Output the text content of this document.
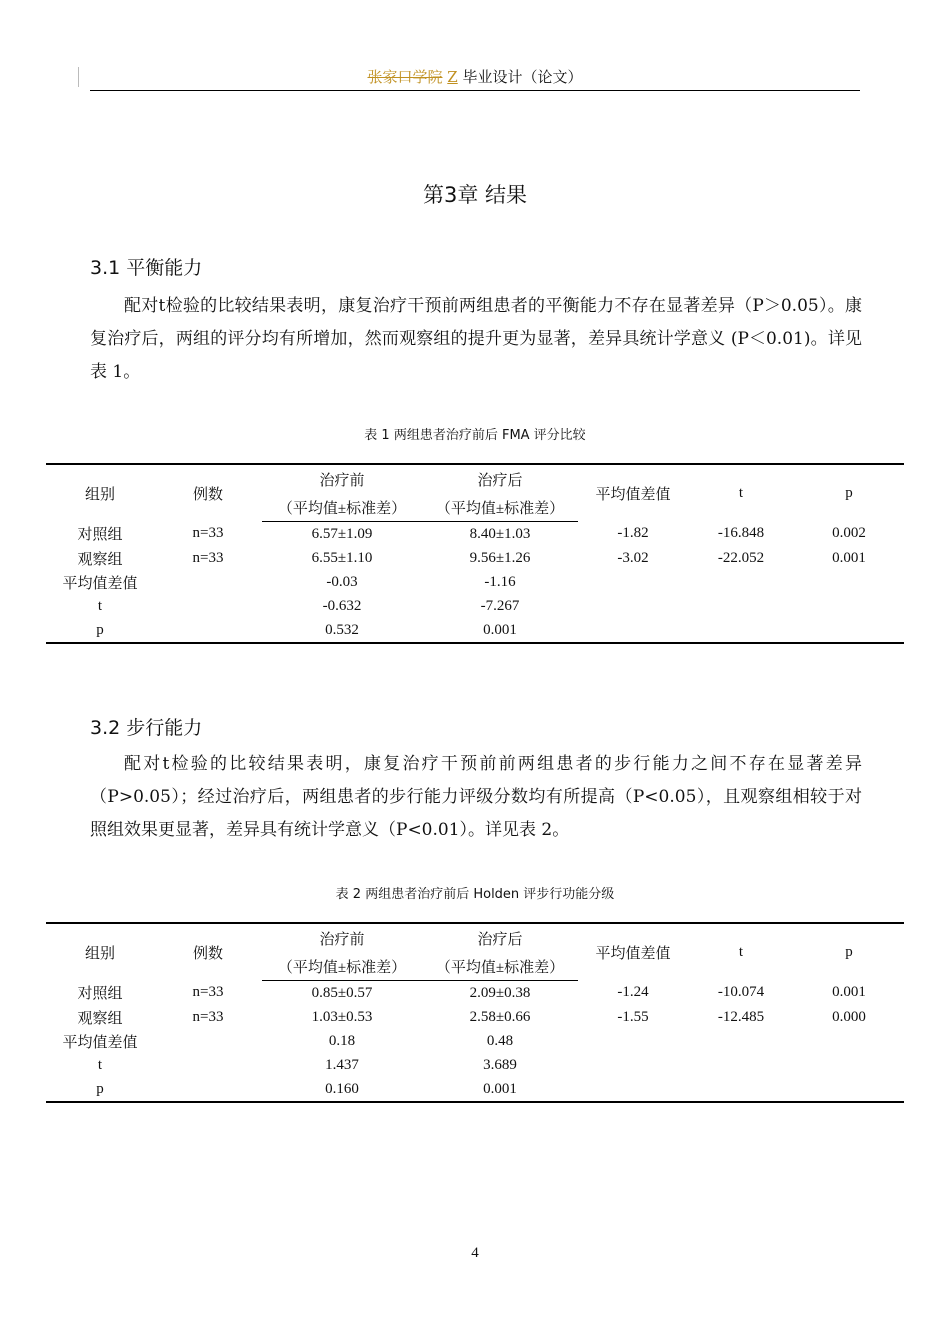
张家口学院 Z 毕业设计（论文）
第3章 结果
3.1 平衡能力

配对t检验的比较结果表明，康复治疗干预前两组患者的平衡能力不存在显著差异（P＞0.05）。康复治疗后，两组的评分均有所增加，然而观察组的提升更为显著，差异具统计学意义 (P＜0.01)。详见表 1。

表 1 两组患者治疗前后 FMA 评分比较
组别	例数	治疗前	治疗后	平均值差值	t	p
		（平均值±标准差）	（平均值±标准差）			
对照组	n=33	6.57±1.09	8.40±1.03	-1.82	-16.848	0.002
观察组	n=33	6.55±1.10	9.56±1.26	-3.02	-22.052	0.001
平均值差值		-0.03	-1.16			
t		-0.632	-7.267			
p		0.532	0.001			
3.2 步行能力

配对t检验的比较结果表明，康复治疗干预前前两组患者的步行能力之间不存在显著差异（P>0.05）；经过治疗后，两组患者的步行能力评级分数均有所提高（P<0.05），且观察组相较于对照组效果更显著，差异具有统计学意义（P<0.01）。详见表 2。

表 2 两组患者治疗前后 Holden 评步行功能分级
组别	例数	治疗前	治疗后	平均值差值	t	p
		（平均值±标准差）	（平均值±标准差）			
对照组	n=33	0.85±0.57	2.09±0.38	-1.24	-10.074	0.001
观察组	n=33	1.03±0.53	2.58±0.66	-1.55	-12.485	0.000
平均值差值		0.18	0.48			
t		1.437	3.689			
p		0.160	0.001			
4
